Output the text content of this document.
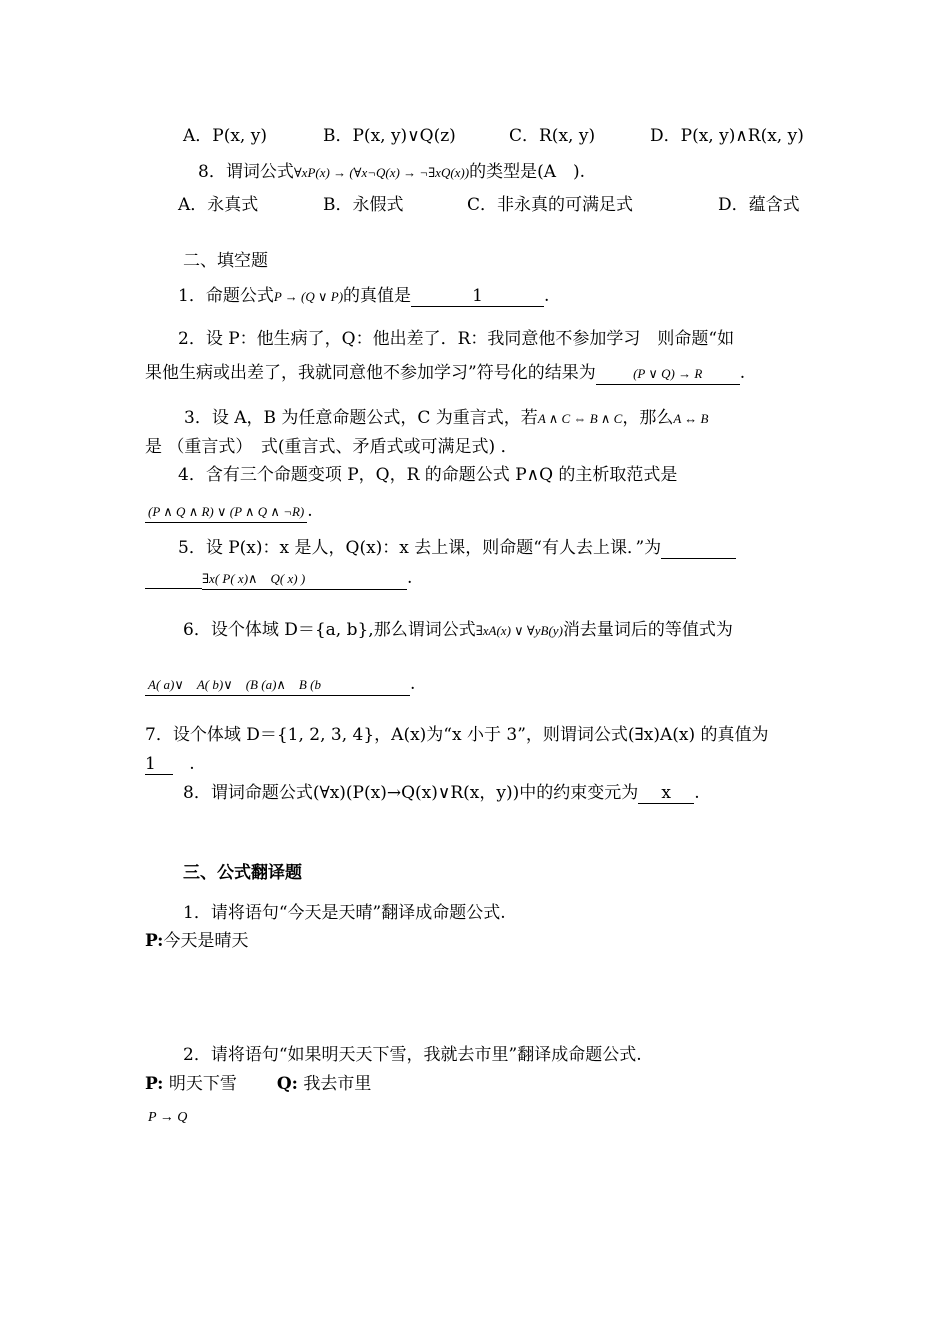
A．P(x, y)	B．P(x, y)∨Q(z)	C．R(x, y)	D．P(x, y)∧R(x, y)
8．谓词公式∀xP(x) → (∀x¬Q(x) → ¬∃xQ(x))的类型是(A　).
A．永真式	B．永假式	C．非永真的可满足式	D．蕴含式
二、填空题
1．命题公式P → (Q ∨ P)的真值是	1	.
2．设 P：他生病了，Q：他出差了．R：我同意他不参加学习　则命题“如
果他生病或出差了，我就同意他不参加学习”符号化的结果为	(P ∨ Q) → R .
3．设 A，B 为任意命题公式，C 为重言式，若A ∧ C ⇔ B ∧ C，那么A ↔ B
是 （重言式）　式(重言式、矛盾式或可满足式) ．
4．含有三个命题变项 P，Q，R 的命题公式 P∧Q 的主析取范式是
(P ∧ Q ∧ R) ∨ (P ∧ Q ∧ ¬R) .
5．设 P(x)：x 是人，Q(x)：x 去上课，则命题“有人去上课．”为
∃x( P( x)∧　Q( x) )	.
6．设个体域 D＝{a, b},那么谓词公式∃xA(x) ∨ ∀yB(y)消去量词后的等值式为
A( a)∨　A( b)∨　(B (a)∧　B (b	.
7．设个体域 D＝{1, 2, 3, 4}，A(x)为“x 小于 3”，则谓词公式(∃x)A(x) 的真值为
1 .
8．谓词命题公式(∀x)(P(x)→Q(x)∨R(x，y))中的约束变元为 x .
三、公式翻译题
1．请将语句“今天是天晴”翻译成命题公式.
P:今天是晴天
2．请将语句“如果明天天下雪，我就去市里”翻译成命题公式.
P: 明天下雪 Q: 我去市里
P → Q
